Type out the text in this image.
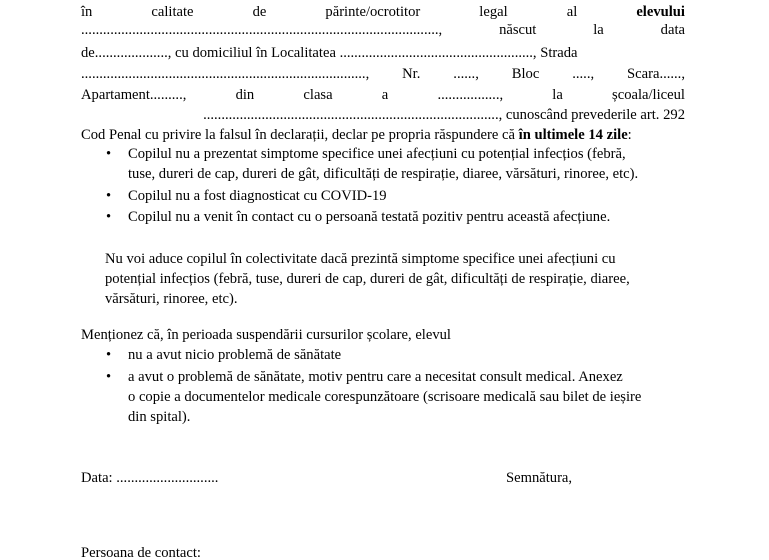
în	calitate	de	părinte/ocrotitor	legal	al	elevului
..................................................................................................,	născut	la	data
de...................., cu domiciliul în Localitatea ....................................................., Strada
.............................................................................., Nr. ......, Bloc ....., Scara......,
Apartament.........,	din	clasa	a	.................,	la	școala/liceul
................................................................................., cunoscând prevederile art. 292
Cod Penal cu privire la falsul în declarații, declar pe propria răspundere că în ultimele 14 zile:
• Copilul nu a prezentat simptome specifice unei afecțiuni cu potențial infecțios (febră,
tuse, dureri de cap, dureri de gât, dificultăți de respirație, diaree, vărsături, rinoree, etc).
• Copilul nu a fost diagnosticat cu COVID-19
• Copilul nu a venit în contact cu o persoană testată pozitiv pentru această afecțiune.
Nu voi aduce copilul în colectivitate dacă prezintă simptome specifice unei afecțiuni cu
potențial infecțios (febră, tuse, dureri de cap, dureri de gât, dificultăți de respirație, diaree,
vărsături, rinoree, etc).
Menționez că, în perioada suspendării cursurilor școlare, elevul
• nu a avut nicio problemă de sănătate
• a avut o problemă de sănătate, motiv pentru care a necesitat consult medical. Anexez
o copie a documentelor medicale corespunzătoare (scrisoare medicală sau bilet de ieșire
din spital).
Data: ............................	Semnătura,
Persoana de contact:
